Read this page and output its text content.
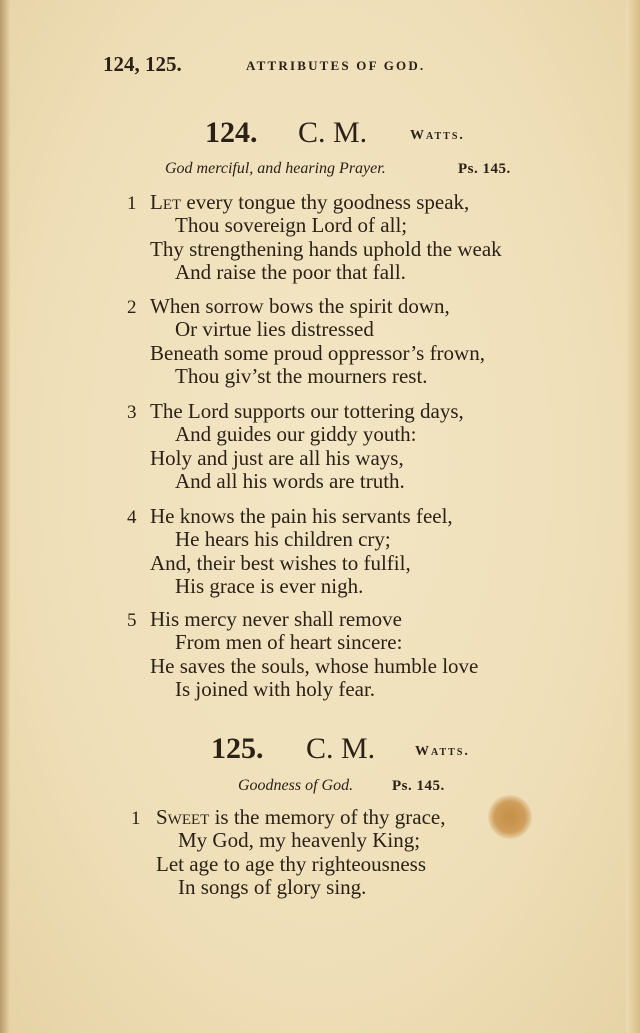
124, 125.	ATTRIBUTES OF GOD.
124. C. M.	Watts.
God merciful, and hearing Prayer.	Ps. 145.
1 Let every tongue thy goodness speak,
Thou sovereign Lord of all;
Thy strengthening hands uphold the weak
And raise the poor that fall.
2 When sorrow bows the spirit down,
Or virtue lies distressed
Beneath some proud oppressor’s frown,
Thou giv’st the mourners rest.
3 The Lord supports our tottering days,
And guides our giddy youth:
Holy and just are all his ways,
And all his words are truth.
4 He knows the pain his servants feel,
He hears his children cry;
And, their best wishes to fulfil,
His grace is ever nigh.
5 His mercy never shall remove
From men of heart sincere:
He saves the souls, whose humble love
Is joined with holy fear.
125. C. M.	Watts.
Goodness of God.	Ps. 145.
1 Sweet is the memory of thy grace,
My God, my heavenly King;
Let age to age thy righteousness
In songs of glory sing.
